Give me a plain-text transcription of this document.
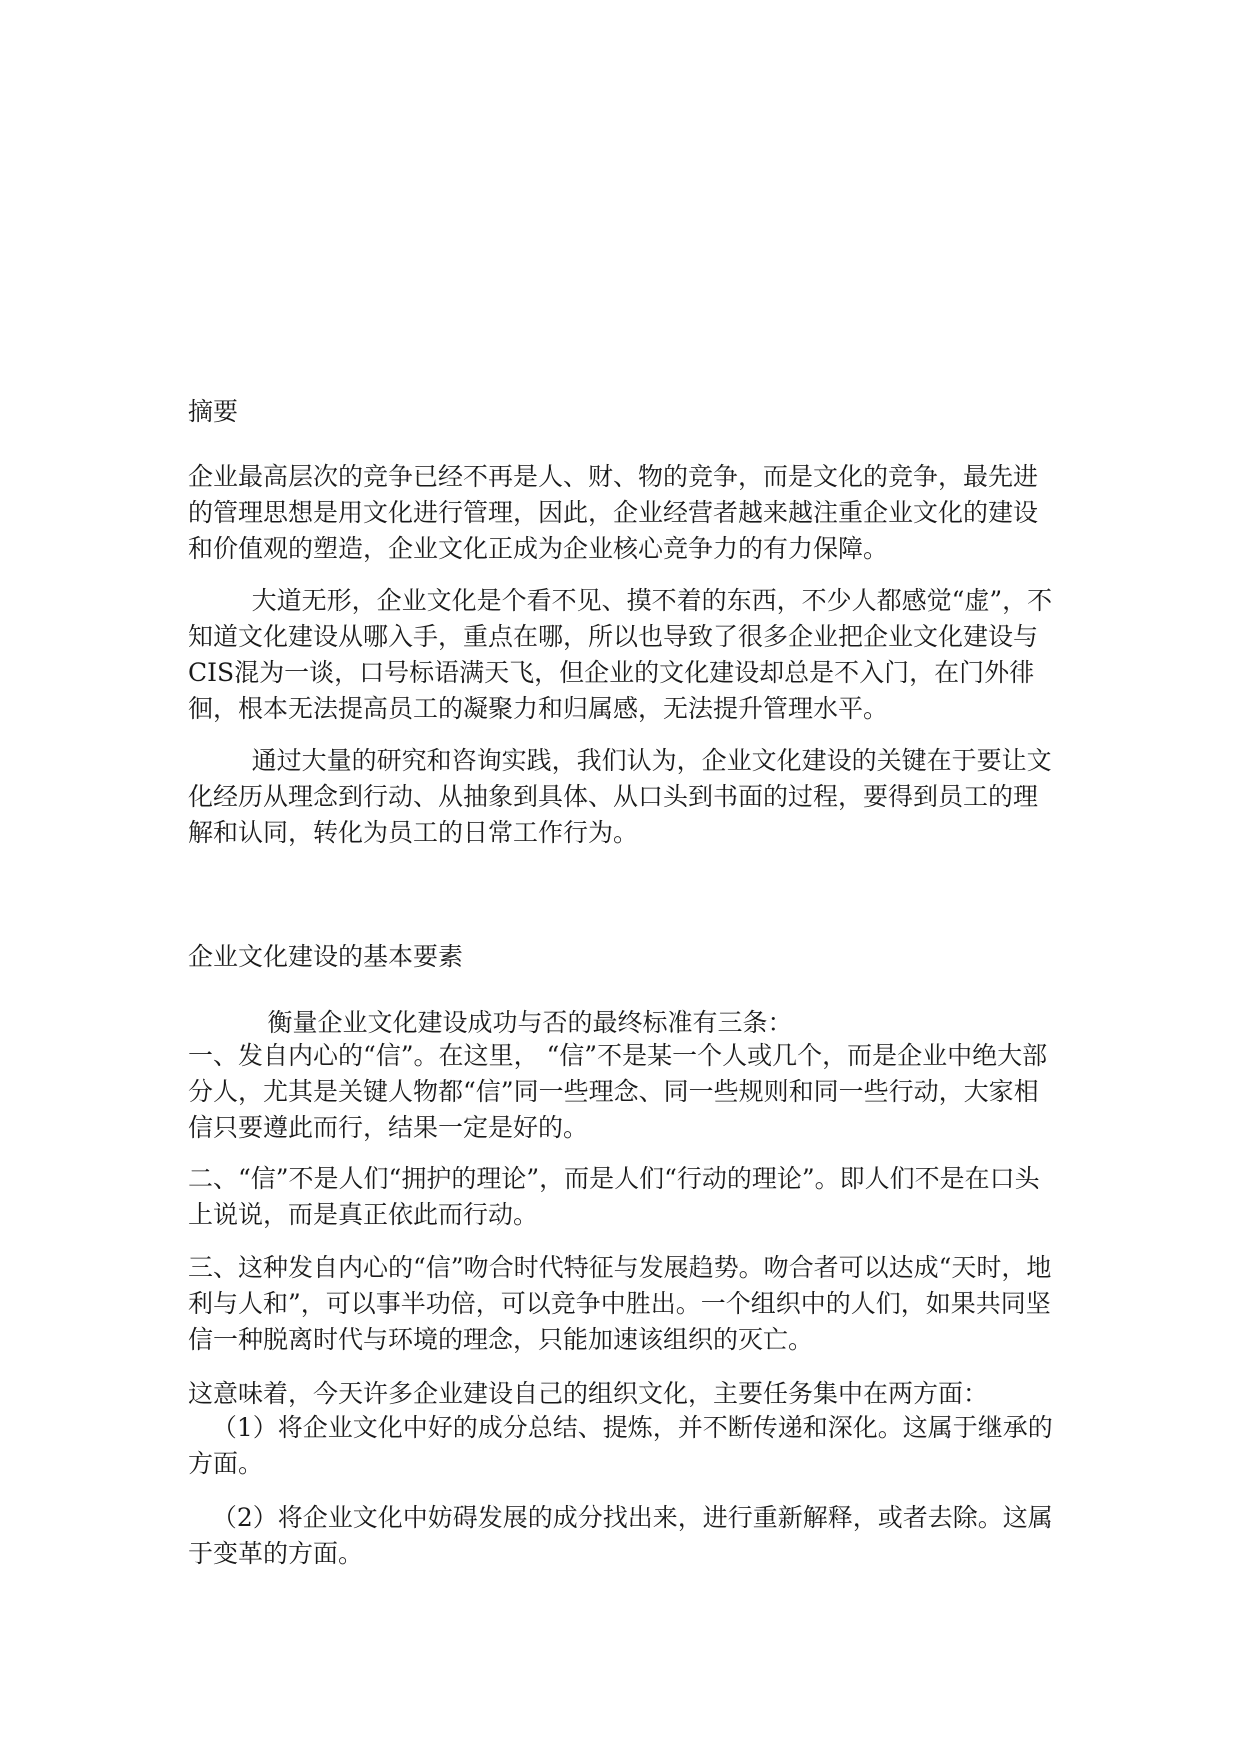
摘要

企业最高层次的竞争已经不再是人、财、物的竞争，而是文化的竞争，最先进的管理思想是用文化进行管理，因此，企业经营者越来越注重企业文化的建设和价值观的塑造，企业文化正成为企业核心竞争力的有力保障。

大道无形，企业文化是个看不见、摸不着的东西，不少人都感觉“虚”，不知道文化建设从哪入手，重点在哪，所以也导致了很多企业把企业文化建设与CIS混为一谈，口号标语满天飞，但企业的文化建设却总是不入门，在门外徘徊，根本无法提高员工的凝聚力和归属感，无法提升管理水平。

通过大量的研究和咨询实践，我们认为，企业文化建设的关键在于要让文化经历从理念到行动、从抽象到具体、从口头到书面的过程，要得到员工的理解和认同，转化为员工的日常工作行为。

企业文化建设的基本要素

衡量企业文化建设成功与否的最终标准有三条：

一、发自内心的“信”。在这里， “信”不是某一个人或几个，而是企业中绝大部分人，尤其是关键人物都“信”同一些理念、同一些规则和同一些行动，大家相信只要遵此而行，结果一定是好的。

二、“信”不是人们“拥护的理论”，而是人们“行动的理论”。即人们不是在口头上说说，而是真正依此而行动。

三、这种发自内心的“信”吻合时代特征与发展趋势。吻合者可以达成“天时，地利与人和”，可以事半功倍，可以竞争中胜出。一个组织中的人们，如果共同坚信一种脱离时代与环境的理念，只能加速该组织的灭亡。

这意味着，今天许多企业建设自己的组织文化，主要任务集中在两方面：

（1）将企业文化中好的成分总结、提炼，并不断传递和深化。这属于继承的方面。

（2）将企业文化中妨碍发展的成分找出来，进行重新解释，或者去除。这属于变革的方面。
